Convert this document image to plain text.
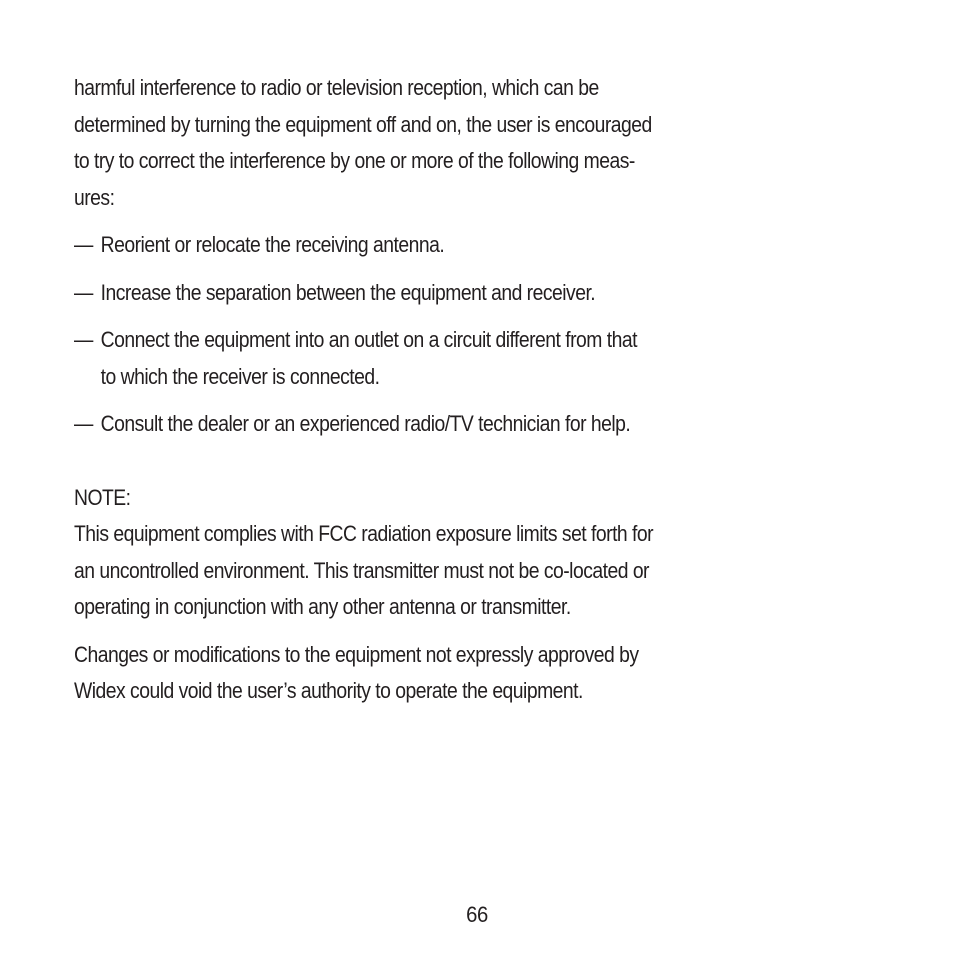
harmful interference to radio or television reception, which can be
determined by turning the equipment off and on, the user is encouraged
to try to correct the interference by one or more of the following meas-
ures:

— Reorient or relocate the receiving antenna.

— Increase the separation between the equipment and receiver.

— Connect the equipment into an outlet on a circuit different from that
to which the receiver is connected.

— Consult the dealer or an experienced radio/TV technician for help.

NOTE:
This equipment complies with FCC radiation exposure limits set forth for
an uncontrolled environment. This transmitter must not be co-located or
operating in conjunction with any other antenna or transmitter.

Changes or modifications to the equipment not expressly approved by
Widex could void the user’s authority to operate the equipment.

66
